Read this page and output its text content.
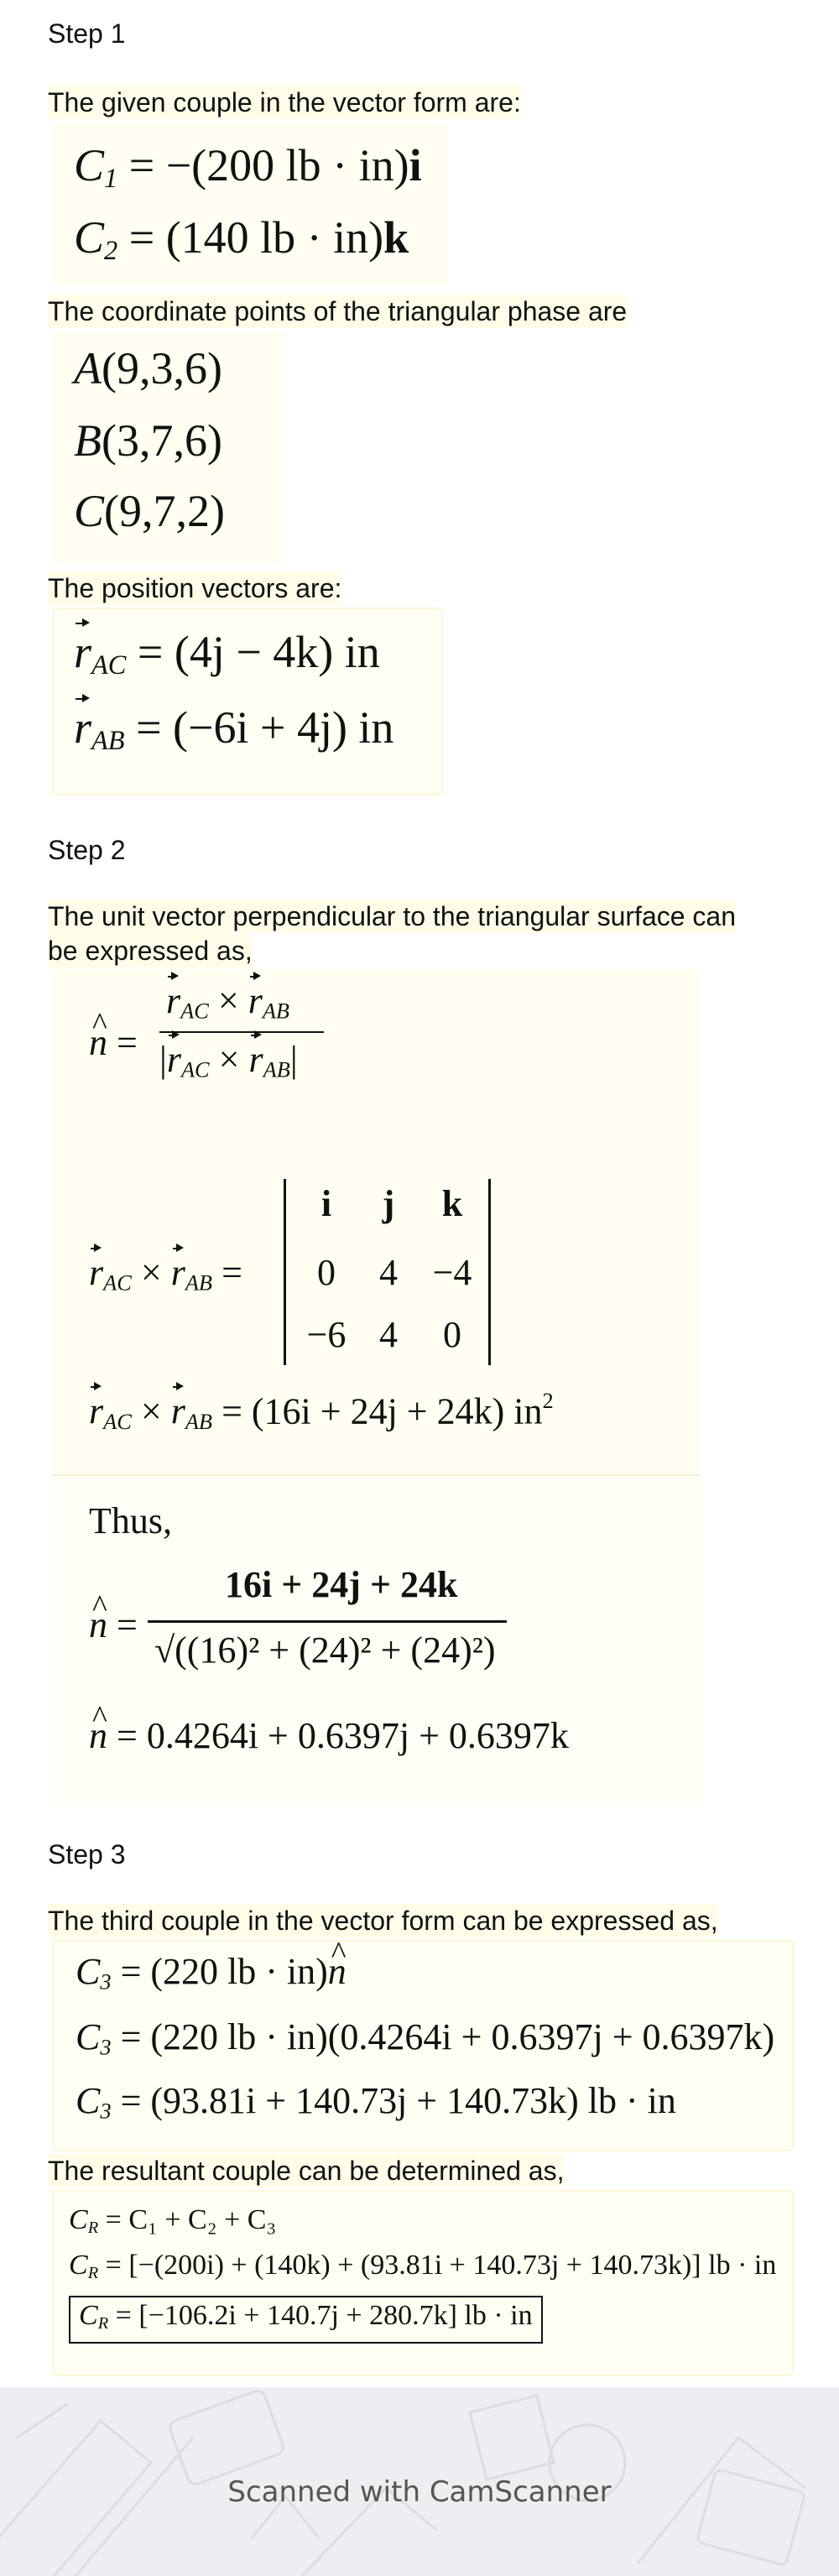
Step 1
The given couple in the vector form are:
$C_1 = -(200$ lb · in)i
$C_2 = (140$ lb · in)k
The coordinate points of the triangular phase are
A(9,3,6)
B(3,7,6)
C(9,7,2)
The position vectors are:
$r_{AC} = (4j - 4k)$ in
$r_{AB} = (-6i + 4j)$ in
Step 2
The unit vector perpendicular to the triangular surface can
be expressed as,
n ^ =
$r_{AC} \times r_{AB}$
$|r_{AC} \times r_{AB}|$
$r_{AC} \times r_{AB}$ =
i	j	k
0	4 −4
−6 4	0
$r_{AC} \times r_{AB} = (16i + 24j + 24k)$ $in^2$
Thus,
n ^ =
16i + 24j + 24k
√((16)² + (24)² + (24)²)
n ^ = 0.4264i + 0.6397j + 0.6397k
Step 3
The third couple in the vector form can be expressed as,
$C_3 = (220$ lb · in)n ^
$C_3 = (220$ lb · in)(0.4264i + 0.6397j + 0.6397k)
$C_3 = (93.81i + 140.73j + 140.73k)$ lb · in
The resultant couple can be determined as,
$C_R = C_1 + C_2 + C_3$
$C_R = [-(200i) + (140k) + (93.81i + 140.73j + 140.73k)]$ lb · in
$C_R = [-106.2i + 140.7j + 280.7k]$ lb · in
Scanned with CamScanner
